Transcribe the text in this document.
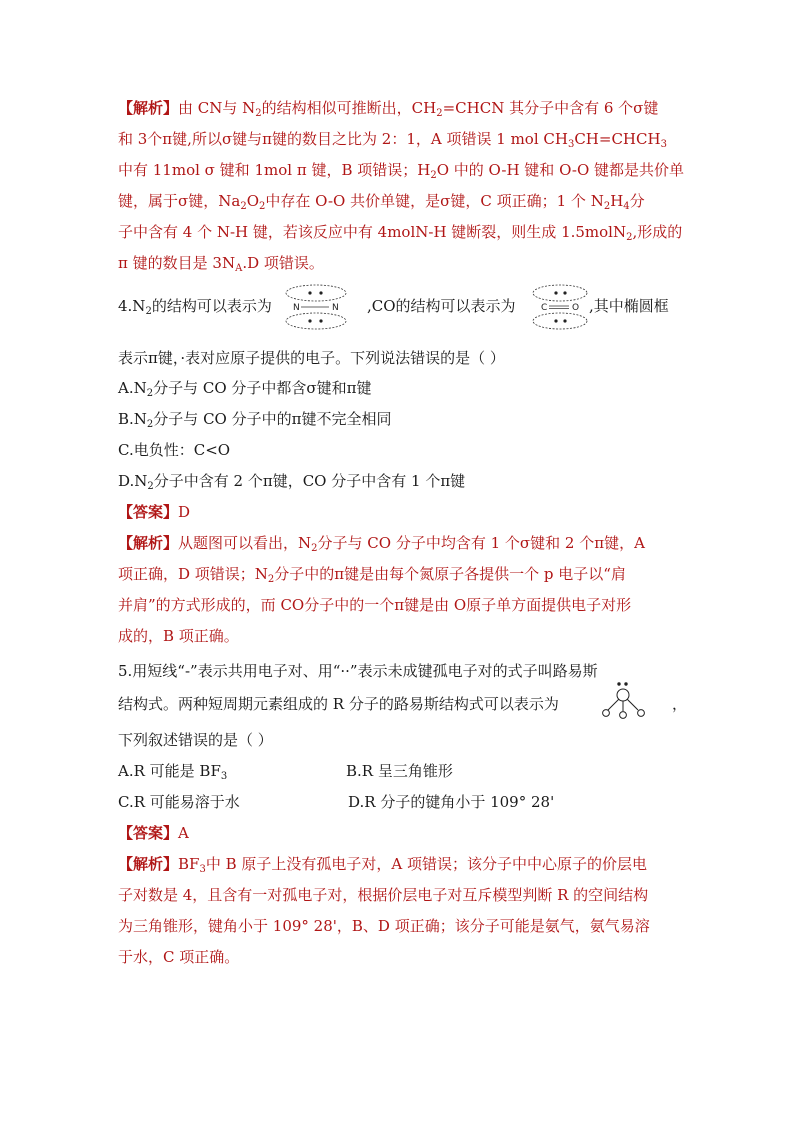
【解析】由 CN与 $N_2$的结构相似可推断出，$CH_2=CHCN$ 其分子中含有 6 个σ键
和 3个π键,所以σ键与π键的数目之比为 2：1，A 项错误 1 mol $CH_3CH=CHCH_3$
中有 11mol σ 键和 1mol π 键，B 项错误；$H_2O$ 中的 O-H 键和 O-O 键都是共价单
键，属于σ键，$Na_2O_2$中存在 O-O 共价单键，是σ键，C 项正确；1 个 $N_2H_4$分
子中含有 4 个 N-H 键，若该反应中有 4molN-H 键断裂，则生成 1.5molN$_2$,形成的
π 键的数目是 $3N_A.D$ 项错误。
$4.N_2$的结构可以表示为 N	N ,CO的结构可以表示为	C	O ,其中椭圆框
表示π键，·表对应原子提供的电子。下列说法错误的是（ ）
$A.N_2$分子与 CO 分子中都含σ键和π键
$B.N_2$分子与 CO 分子中的π键不完全相同
C.电负性：C<O
$D.N_2$分子中含有 2 个π键，CO 分子中含有 1 个π键
【答案】D
【解析】从题图可以看出，$N_2$分子与 CO 分子中均含有 1 个σ键和 2 个π键，A
项正确，D 项错误；$N_2$分子中的π键是由每个氮原子各提供一个 p 电子以“肩
并肩”的方式形成的，而 CO分子中的一个π键是由 O原子单方面提供电子对形
成的，B 项正确。
5.用短线“-”表示共用电子对、用“··”表示未成键孤电子对的式子叫路易斯
结构式。两种短周期元素组成的 R 分子的路易斯结构式可以表示为	，
下列叙述错误的是（ ）
A.R 可能是 $BF_3$	B.R 呈三角锥形
C.R 可能易溶于水	D.R 分子的键角小于 109° 28'
【答案】A
【解析】$BF_3$中 B 原子上没有孤电子对，A 项错误；该分子中中心原子的价层电
子对数是 4，且含有一对孤电子对，根据价层电子对互斥模型判断 R 的空间结构
为三角锥形，键角小于 109° 28'，B、D 项正确；该分子可能是氨气，氨气易溶
于水，C 项正确。
